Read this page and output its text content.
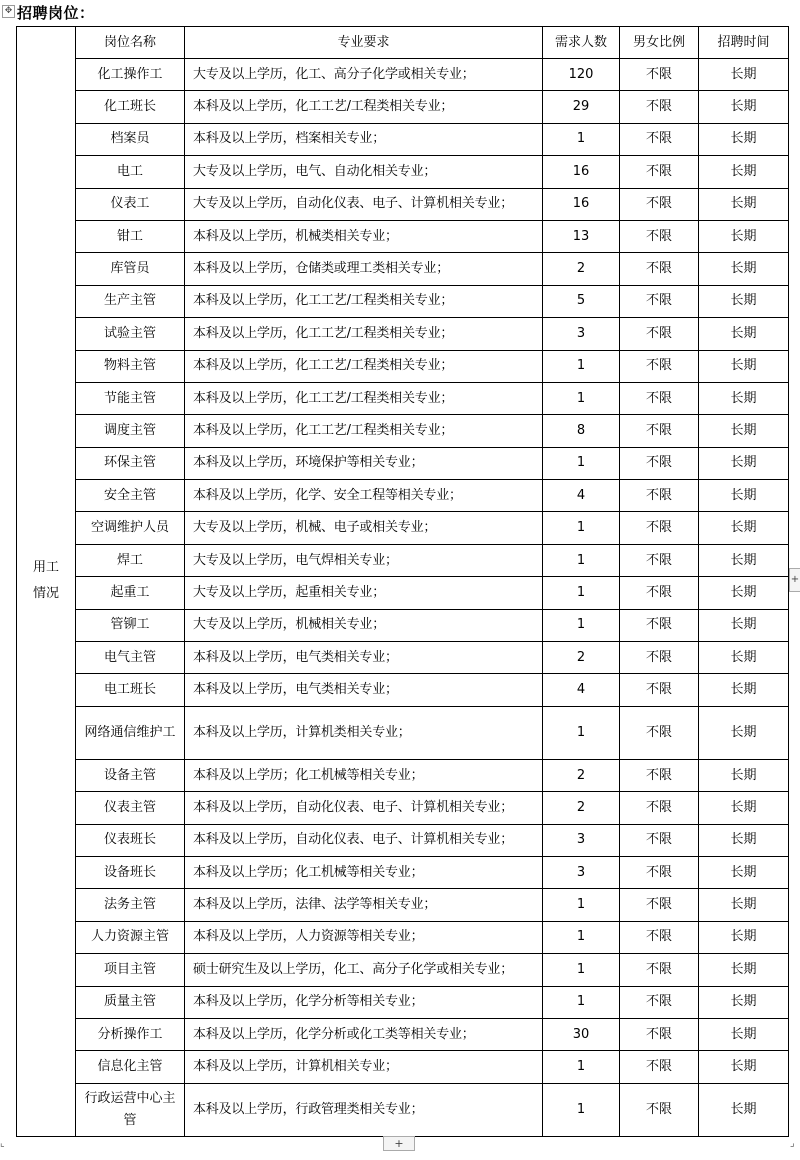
✥ 招聘岗位：
用工
情况	岗位名称	专业要求	需求人数	男女比例	招聘时间
	化工操作工	大专及以上学历，化工、高分子化学或相关专业；	120	不限	长期
	化工班长	本科及以上学历，化工工艺/工程类相关专业；	29	不限	长期
	档案员	本科及以上学历，档案相关专业；	1	不限	长期
	电工	大专及以上学历，电气、自动化相关专业；	16	不限	长期
	仪表工	大专及以上学历，自动化仪表、电子、计算机相关专业；	16	不限	长期
	钳工	本科及以上学历，机械类相关专业；	13	不限	长期
	库管员	本科及以上学历，仓储类或理工类相关专业；	2	不限	长期
	生产主管	本科及以上学历，化工工艺/工程类相关专业；	5	不限	长期
	试验主管	本科及以上学历，化工工艺/工程类相关专业；	3	不限	长期
	物料主管	本科及以上学历，化工工艺/工程类相关专业；	1	不限	长期
	节能主管	本科及以上学历，化工工艺/工程类相关专业；	1	不限	长期
	调度主管	本科及以上学历，化工工艺/工程类相关专业；	8	不限	长期
	环保主管	本科及以上学历，环境保护等相关专业；	1	不限	长期
	安全主管	本科及以上学历，化学、安全工程等相关专业；	4	不限	长期
	空调维护人员	大专及以上学历，机械、电子或相关专业；	1	不限	长期
	焊工	大专及以上学历，电气焊相关专业；	1	不限	长期
	起重工	大专及以上学历，起重相关专业；	1	不限	长期
	管铆工	大专及以上学历，机械相关专业；	1	不限	长期
	电气主管	本科及以上学历，电气类相关专业；	2	不限	长期
	电工班长	本科及以上学历，电气类相关专业；	4	不限	长期
	网络通信维护工	本科及以上学历，计算机类相关专业；	1	不限	长期
	设备主管	本科及以上学历；化工机械等相关专业；	2	不限	长期
	仪表主管	本科及以上学历，自动化仪表、电子、计算机相关专业；	2	不限	长期
	仪表班长	本科及以上学历，自动化仪表、电子、计算机相关专业；	3	不限	长期
	设备班长	本科及以上学历；化工机械等相关专业；	3	不限	长期
	法务主管	本科及以上学历，法律、法学等相关专业；	1	不限	长期
	人力资源主管	本科及以上学历，人力资源等相关专业；	1	不限	长期
	项目主管	硕士研究生及以上学历，化工、高分子化学或相关专业；	1	不限	长期
	质量主管	本科及以上学历，化学分析等相关专业；	1	不限	长期
	分析操作工	本科及以上学历，化学分析或化工类等相关专业；	30	不限	长期
	信息化主管	本科及以上学历，计算机相关专业；	1	不限	长期
	行政运营中心主管	本科及以上学历，行政管理类相关专业；	1	不限	长期
+
+
⌟
⌞
